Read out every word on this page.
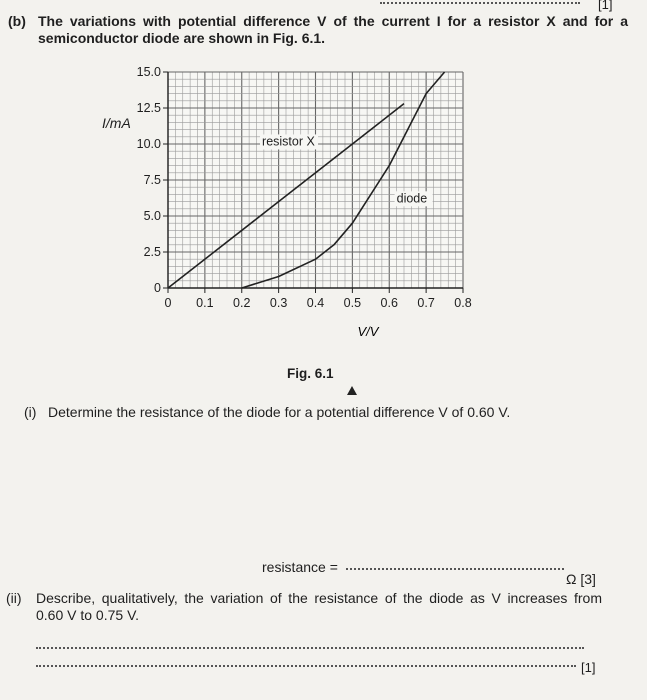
[1]
(b) The variations with potential difference V of the current I for a resistor X and for a
semiconductor diode are shown in Fig. 6.1.
I/mA
0
2.5
5.0
7.5
10.0
12.5
15.0
0 0.1 0.2 0.3 0.4 0.5 0.6 0.7 0.8
resistor X
diode
V/V
Fig. 6.1
(i) Determine the resistance of the diode for a potential difference V of 0.60 V.
resistance =
Ω [3]
(ii) Describe, qualitatively, the variation of the resistance of the diode as V increases from
0.60 V to 0.75 V.
[1]
